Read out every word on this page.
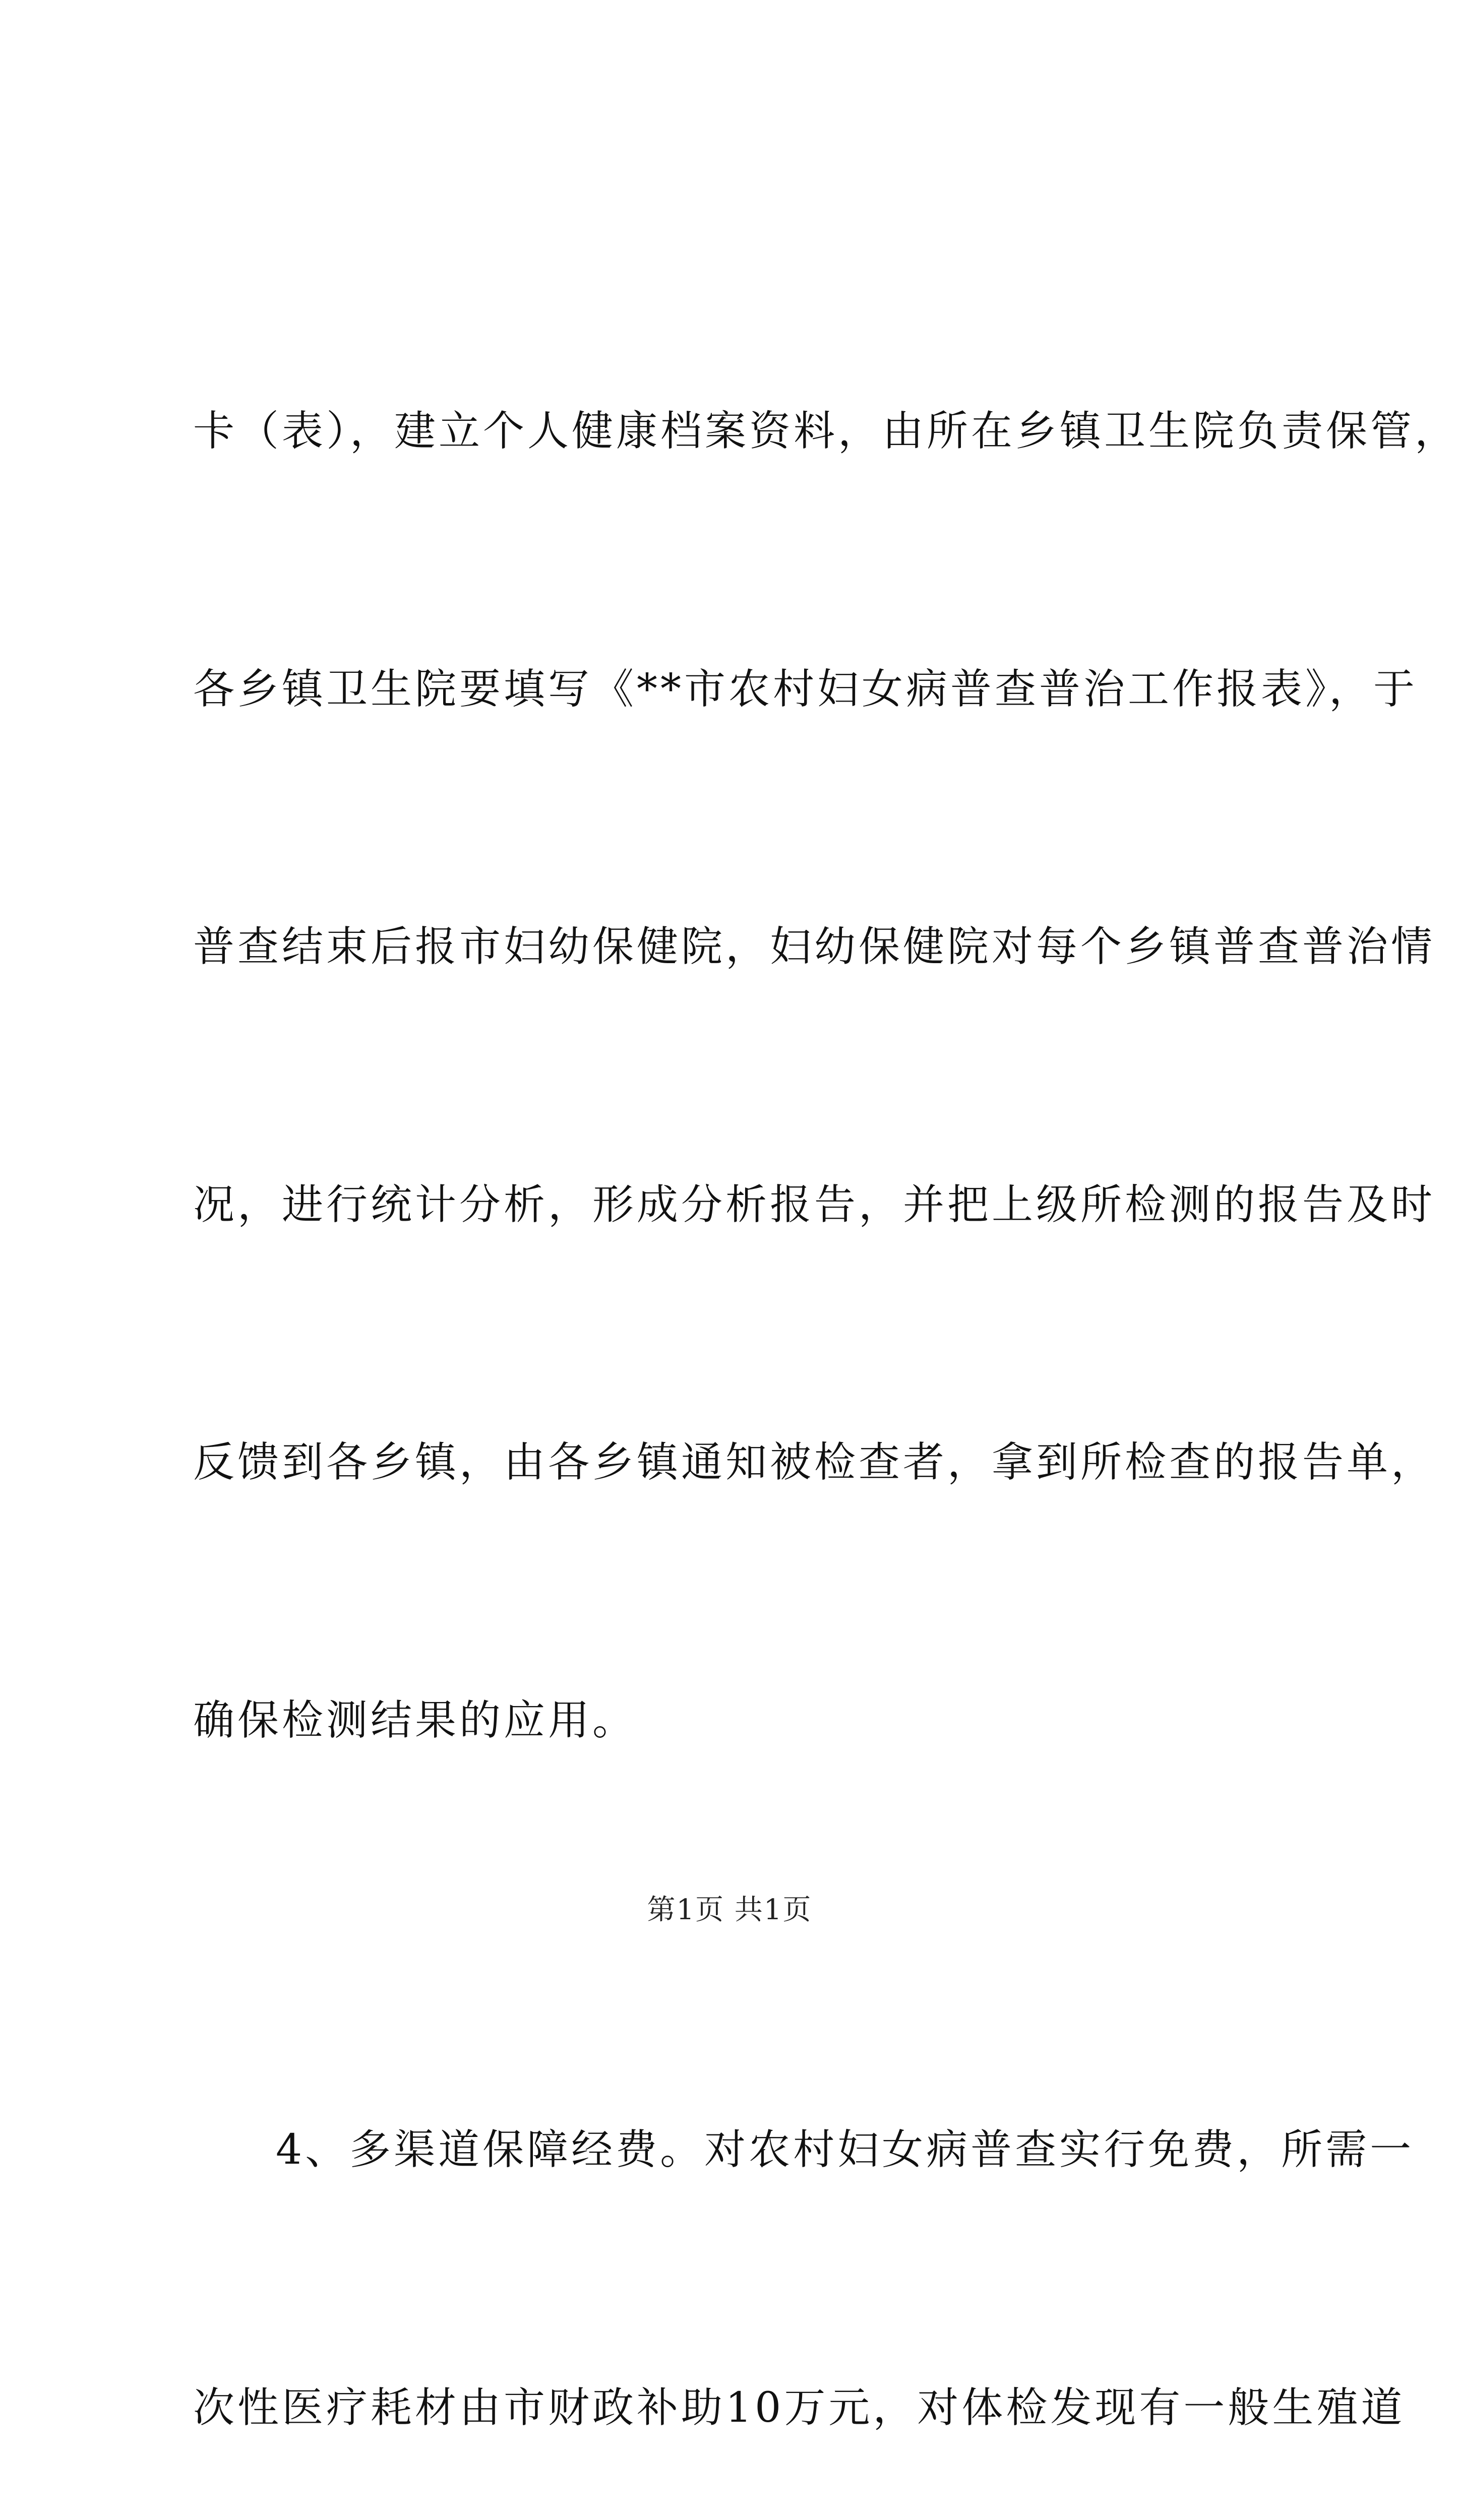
卡（表），建立个人健康档案资料，由所在乡镇卫生院负责保管，

各乡镇卫生院要填写《**市农村妇女病普查普治工作报表》，于

普查结束后报市妇幼保健院，妇幼保健院对每个乡镇普查普治情

况，进行统计分析，形成分析报告，并把上级所检测的报告及时

反馈到各乡镇，由各乡镇通知被检查者，拿到所检查的报告单，

确保检测结果的应用。

4、多渠道保障经费。对农村妇女病普查实行免费，所需一

次性医疗耗材由市财政补助10万元，对体检发现有一般生殖道

第1页 共1页
